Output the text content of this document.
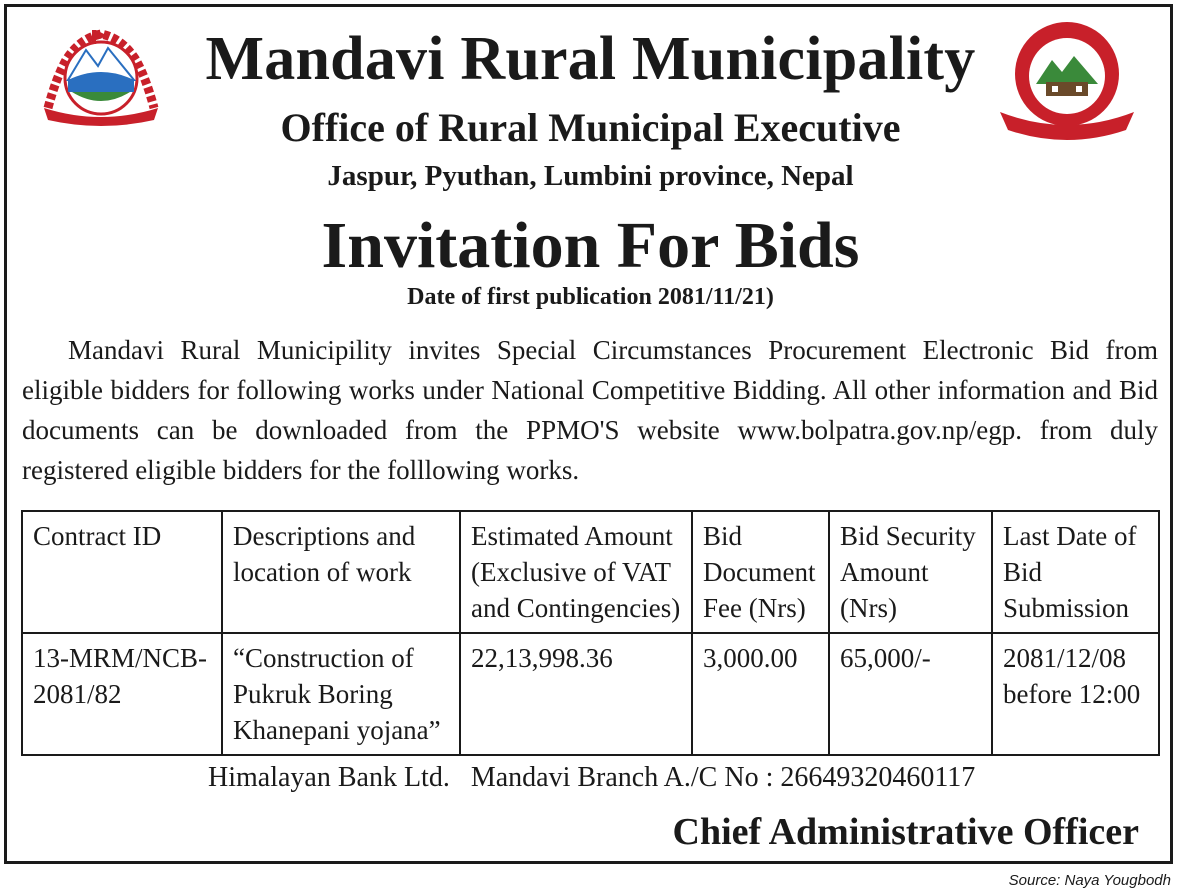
Mandavi Rural Municipality
Office of Rural Municipal Executive
Jaspur, Pyuthan, Lumbini province, Nepal
Invitation For Bids
Date of first publication 2081/11/21)
Mandavi Rural Municipility invites Special Circumstances Procurement Electronic Bid from eligible bidders for following works under National Competitive Bidding. All other information and Bid documents can be downloaded from the PPMO'S website www.bolpatra.gov.np/egp. from duly registered eligible bidders for the folllowing works.
Contract ID	Descriptions and location of work	Estimated Amount (Exclusive of VAT and Contingencies)	Bid Document Fee (Nrs)	Bid Security Amount (Nrs)	Last Date of Bid Submission
13-MRM/NCB-2081/82	“Construction of Pukruk Boring Khanepani yojana”	22,13,998.36	3,000.00	65,000/-	2081/12/08 before 12:00
Himalayan Bank Ltd.   Mandavi Branch A./C No : 26649320460117
Chief Administrative Officer
Source: Naya Yougbodh
